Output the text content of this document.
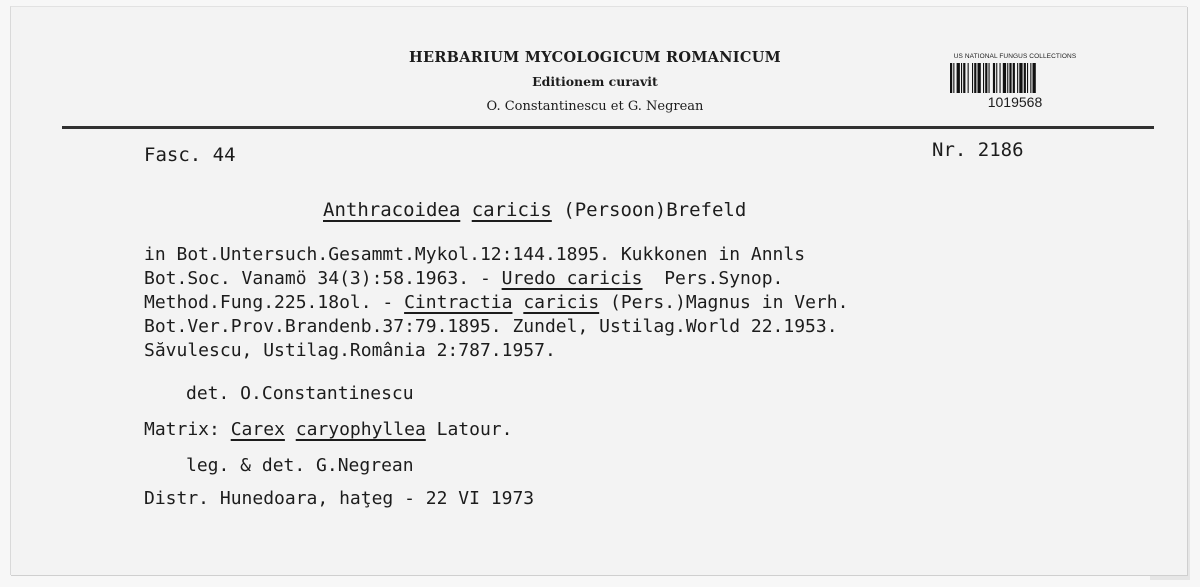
HERBARIUM MYCOLOGICUM ROMANICUM
Editionem curavit
O. Constantinescu et G. Negrean
US NATIONAL FUNGUS COLLECTIONS
1019568
Fasc. 44	Nr. 2186
Anthracoidea caricis (Persoon)Brefeld
in Bot.Untersuch.Gesammt.Mykol.12:144.1895. Kukkonen in Annls
Bot.Soc. Vanamö 34(3):58.1963. - Uredo caricis  Pers.Synop.
Method.Fung.225.18ol. - Cintractia caricis (Pers.)Magnus in Verh.
Bot.Ver.Prov.Brandenb.37:79.1895. Zundel, Ustilag.World 22.1953.
Săvulescu, Ustilag.România 2:787.1957.
det. O.Constantinescu
Matrix: Carex caryophyllea Latour.
leg. & det. G.Negrean
Distr. Hunedoara, haţeg - 22 VI 1973
